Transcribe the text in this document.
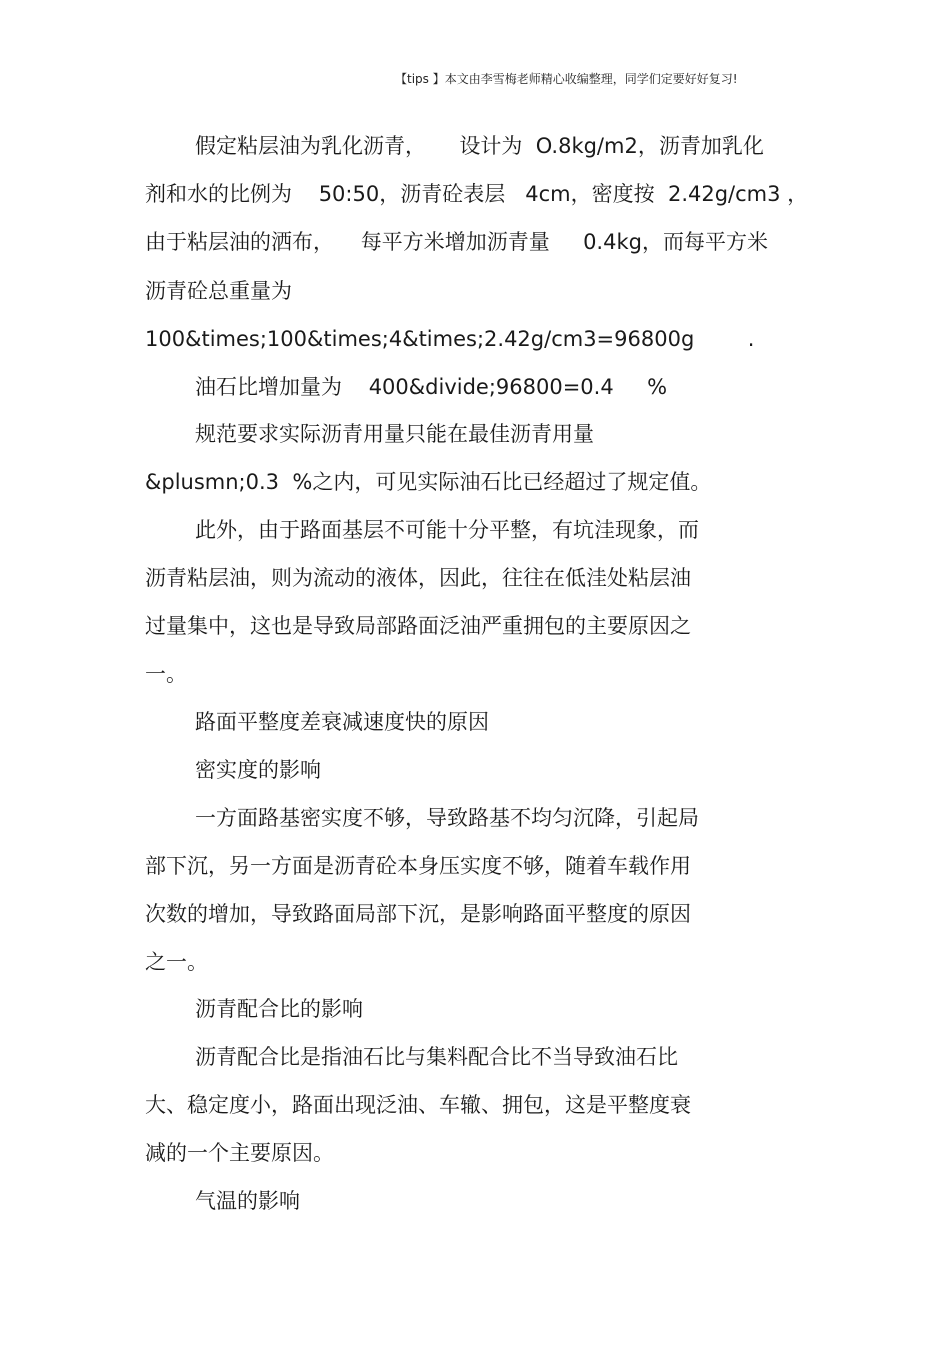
【tips 】本文由李雪梅老师精心收编整理，同学们定要好好复习!
假定粘层油为乳化沥青，     设计为  O.8kg/m2，沥青加乳化
剂和水的比例为    50:50，沥青砼表层   4cm，密度按  2.42g/cm3 ，
由于粘层油的洒布，    每平方米增加沥青量     0.4kg，而每平方米
沥青砼总重量为
100&times;100&times;4&times;2.42g/cm3=96800g        .
油石比增加量为    400&divide;96800=0.4     %
规范要求实际沥青用量只能在最佳沥青用量
&plusmn;0.3  %之内，可见实际油石比已经超过了规定值。
此外，由于路面基层不可能十分平整，有坑洼现象，而
沥青粘层油，则为流动的液体，因此，往往在低洼处粘层油
过量集中，这也是导致局部路面泛油严重拥包的主要原因之
一。
路面平整度差衰减速度快的原因
密实度的影响
一方面路基密实度不够，导致路基不均匀沉降，引起局
部下沉，另一方面是沥青砼本身压实度不够，随着车载作用
次数的增加，导致路面局部下沉，是影响路面平整度的原因
之一。
沥青配合比的影响
沥青配合比是指油石比与集料配合比不当导致油石比
大、稳定度小，路面出现泛油、车辙、拥包，这是平整度衰
减的一个主要原因。
气温的影响
